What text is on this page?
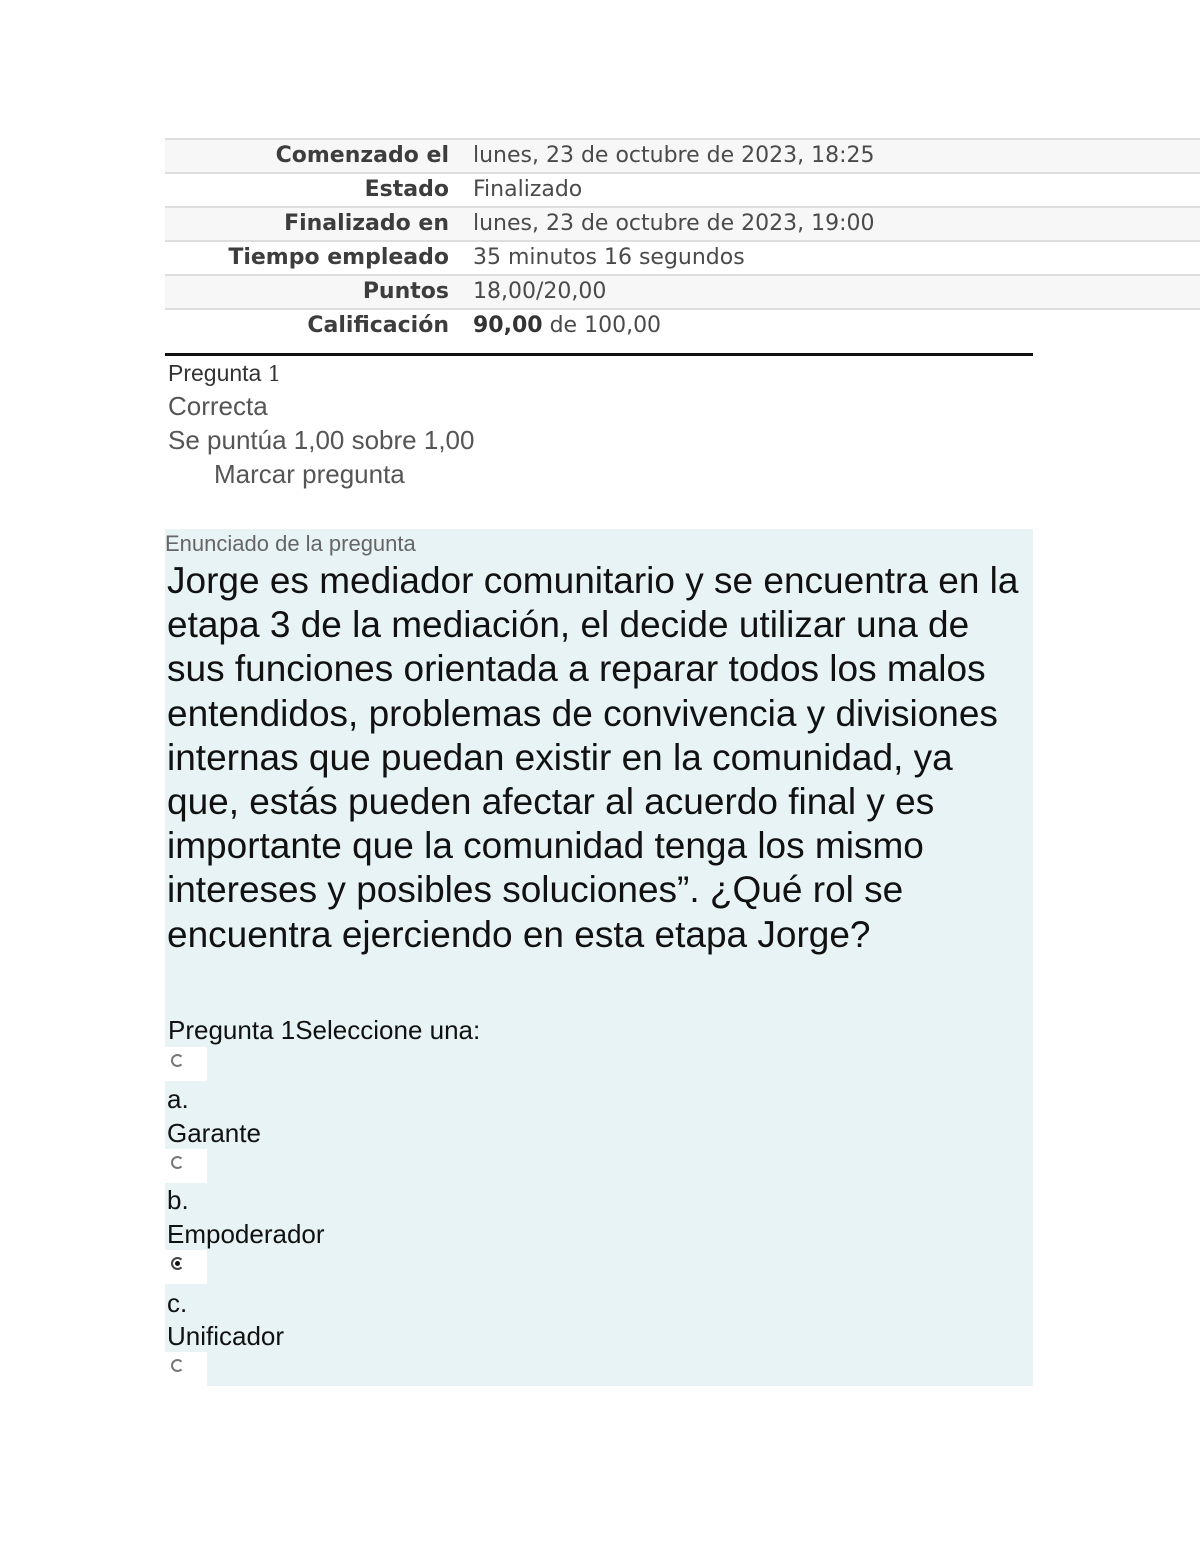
Comenzado el	lunes, 23 de octubre de 2023, 18:25
Estado	Finalizado
Finalizado en	lunes, 23 de octubre de 2023, 19:00
Tiempo empleado	35 minutos 16 segundos
Puntos	18,00/20,00
Calificación	90,00 de 100,00
Pregunta 1
Correcta
Se puntúa 1,00 sobre 1,00
Marcar pregunta
Enunciado de la pregunta
Jorge es mediador comunitario y se encuentra en la etapa 3 de la mediación, el decide utilizar una de sus funciones orientada a reparar todos los malos entendidos, problemas de convivencia y divisiones internas que puedan existir en la comunidad, ya que, estás pueden afectar al acuerdo final y es importante que la comunidad tenga los mismo intereses y posibles soluciones”. ¿Qué rol se encuentra ejerciendo en esta etapa Jorge?
Pregunta 1Seleccione una:
a.
Garante
b.
Empoderador
c.
Unificador
